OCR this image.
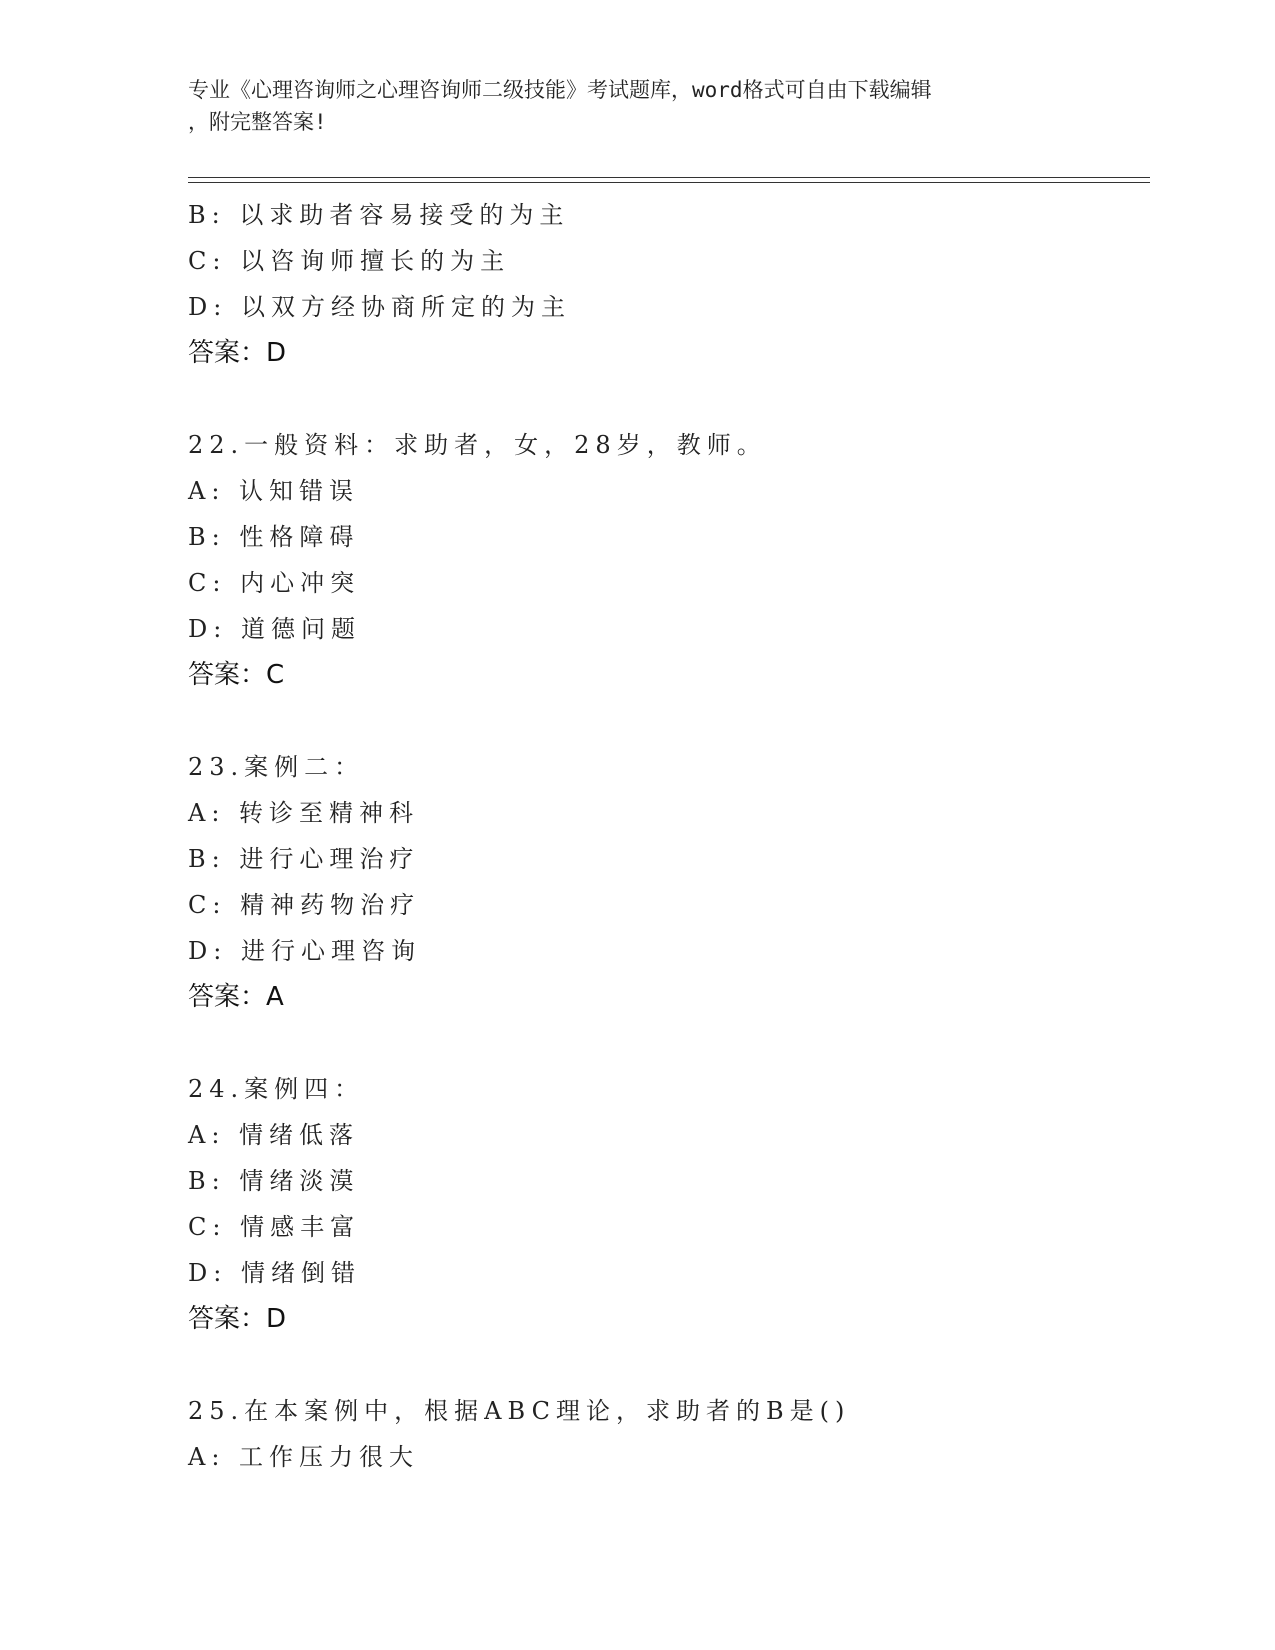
专业《心理咨询师之心理咨询师二级技能》考试题库，word格式可自由下载编辑
，附完整答案!
B: 以求助者容易接受的为主
C: 以咨询师擅长的为主
D: 以双方经协商所定的为主
答案：D
22.一般资料：求助者，女，28岁，教师。
A: 认知错误
B: 性格障碍
C: 内心冲突
D: 道德问题
答案：C
23.案例二：
A: 转诊至精神科
B: 进行心理治疗
C: 精神药物治疗
D: 进行心理咨询
答案：A
24.案例四：
A: 情绪低落
B: 情绪淡漠
C: 情感丰富
D: 情绪倒错
答案：D
25.在本案例中，根据ABC理论，求助者的B是()
A: 工作压力很大
